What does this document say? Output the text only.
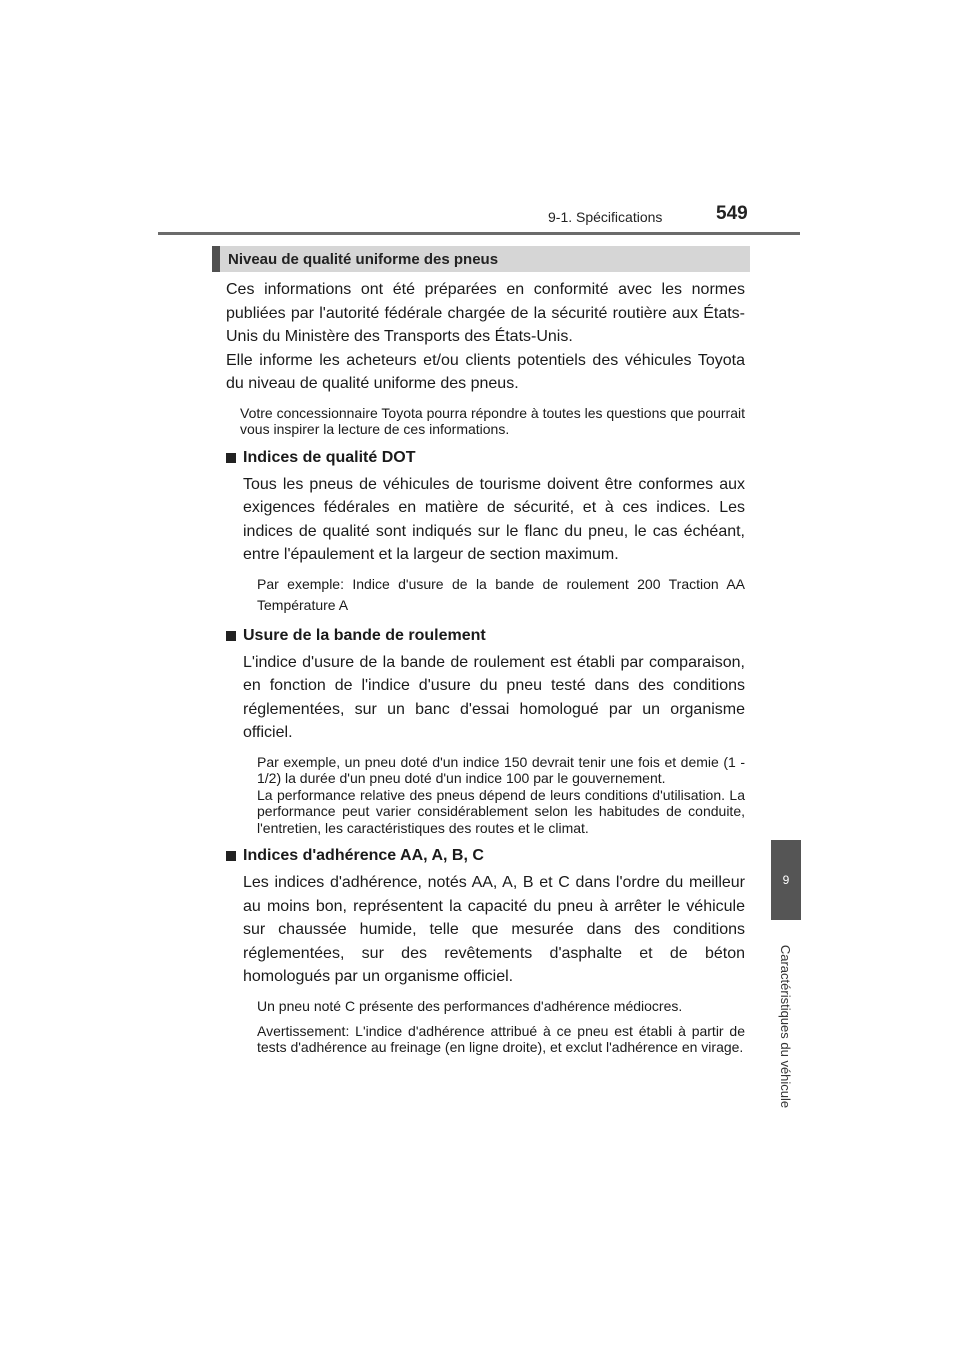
9-1. Spécifications	549
9
Caractéristiques du véhicule
Niveau de qualité uniforme des pneus

Ces informations ont été préparées en conformité avec les normes publiées par l'autorité fédérale chargée de la sécurité routière aux États-Unis du Ministère des Transports des États-Unis.

Elle informe les acheteurs et/ou clients potentiels des véhicules Toyota du niveau de qualité uniforme des pneus.

Votre concessionnaire Toyota pourra répondre à toutes les questions que pourrait vous inspirer la lecture de ces informations.

Indices de qualité DOT

Tous les pneus de véhicules de tourisme doivent être conformes aux exigences fédérales en matière de sécurité, et à ces indices. Les indices de qualité sont indiqués sur le flanc du pneu, le cas échéant, entre l'épaulement et la largeur de section maximum.

Par exemple: Indice d'usure de la bande de roulement 200 Traction AA Température A

Usure de la bande de roulement

L'indice d'usure de la bande de roulement est établi par comparaison, en fonction de l'indice d'usure du pneu testé dans des conditions réglementées, sur un banc d'essai homologué par un organisme officiel.

Par exemple, un pneu doté d'un indice 150 devrait tenir une fois et demie (1 - 1/2) la durée d'un pneu doté d'un indice 100 par le gouvernement.

La performance relative des pneus dépend de leurs conditions d'utilisation. La performance peut varier considérablement selon les habitudes de conduite, l'entretien, les caractéristiques des routes et le climat.

Indices d'adhérence AA, A, B, C

Les indices d'adhérence, notés AA, A, B et C dans l'ordre du meilleur au moins bon, représentent la capacité du pneu à arrêter le véhicule sur chaussée humide, telle que mesurée dans des conditions réglementées, sur des revêtements d'asphalte et de béton homologués par un organisme officiel.

Un pneu noté C présente des performances d'adhérence médiocres.

Avertissement: L'indice d'adhérence attribué à ce pneu est établi à partir de tests d'adhérence au freinage (en ligne droite), et exclut l'adhérence en virage.
